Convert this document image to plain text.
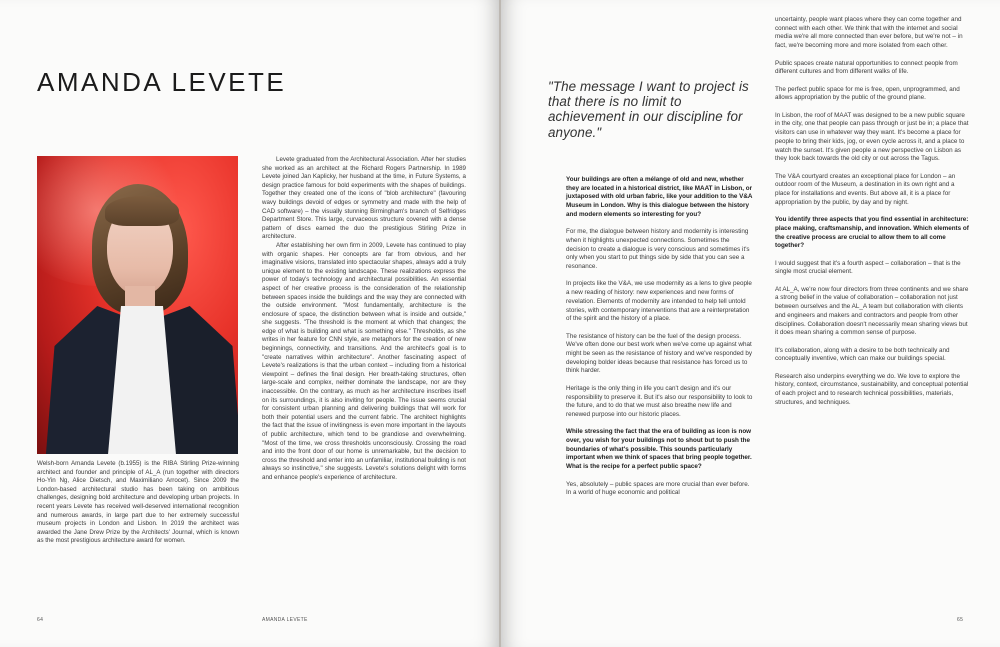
AMANDA LEVETE
Welsh-born Amanda Levete (b.1955) is the RIBA Stirling Prize-winning architect and founder and principle of AL_A (run together with directors Ho-Yin Ng, Alice Dietsch, and Maximiliano Arrocet). Since 2009 the London-based architectural studio has been taking on ambitious challenges, designing bold architecture and developing urban projects. In recent years Levete has received well-deserved international recognition and numerous awards, in large part due to her extremely successful museum projects in London and Lisbon. In 2019 the architect was awarded the Jane Drew Prize by the Architects' Journal, which is known as the most prestigious architecture award for women.

Levete graduated from the Architectural Association. After her studies she worked as an architect at the Richard Rogers Partnership. In 1989 Levete joined Jan Kaplicky, her husband at the time, in Future Systems, a design practice famous for bold experiments with the shapes of buildings. Together they created one of the icons of "blob architecture" (favouring wavy buildings devoid of edges or symmetry and made with the help of CAD software) – the visually stunning Birmingham's branch of Selfridges Department Store. This large, curvaceous structure covered with a dense pattern of discs earned the duo the prestigious Stirling Prize in architecture.

After establishing her own firm in 2009, Levete has continued to play with organic shapes. Her concepts are far from obvious, and her imaginative visions, translated into spectacular shapes, always add a truly unique element to the existing landscape. These realizations express the power of today's technology and architectural possibilities. An essential aspect of her creative process is the consideration of the relationship between spaces inside the buildings and the way they are connected with the outside environment. "Most fundamentally, architecture is the enclosure of space, the distinction between what is inside and outside," she suggests. "The threshold is the moment at which that changes; the edge of what is building and what is something else." Thresholds, as she writes in her feature for CNN style, are metaphors for the creation of new beginnings, connectivity, and transitions. And the architect's goal is to "create narratives within architecture". Another fascinating aspect of Levete's realizations is that the urban context – including from a historical viewpoint – defines the final design. Her breath-taking structures, often large-scale and complex, neither dominate the landscape, nor are they inaccessible. On the contrary, as much as her architecture inscribes itself on its surroundings, it is also inviting for people. The issue seems crucial for consistent urban planning and delivering buildings that will work for both their potential users and the current fabric. The architect highlights the fact that the issue of invitingness is even more important in the layouts of public architecture, which tend to be grandiose and overwhelming. "Most of the time, we cross thresholds unconsciously. Crossing the road and into the front door of our home is unremarkable, but the decision to cross the threshold and enter into an unfamiliar, institutional building is not always so instinctive," she suggests. Levete's solutions delight with forms and enhance people's experience of architecture.

64	AMANDA LEVETE
"The message I want to project is that there is no limit to achievement in our discipline for anyone."

Your buildings are often a mélange of old and new, whether they are located in a historical district, like MAAT in Lisbon, or juxtaposed with old urban fabric, like your addition to the V&A Museum in London. Why is this dialogue between the history and modern elements so interesting for you?

For me, the dialogue between history and modernity is interesting when it highlights unexpected connections. Sometimes the decision to create a dialogue is very conscious and sometimes it's only when you start to put things side by side that you can see a resonance.

In projects like the V&A, we use modernity as a lens to give people a new reading of history: new experiences and new forms of revelation. Elements of modernity are intended to help tell untold stories, with contemporary interventions that are a reinterpretation of the spirit and the history of a place.

The resistance of history can be the fuel of the design process. We've often done our best work when we've come up against what might be seen as the resistance of history and we've responded by developing bolder ideas because that resistance has forced us to think harder.

Heritage is the only thing in life you can't design and it's our responsibility to preserve it. But it's also our responsibility to look to the future, and to do that we must also breathe new life and renewed purpose into our historic places.

While stressing the fact that the era of building as icon is now over, you wish for your buildings not to shout but to push the boundaries of what's possible. This sounds particularly important when we think of spaces that bring people together. What is the recipe for a perfect public space?

Yes, absolutely – public spaces are more crucial than ever before. In a world of huge economic and political

uncertainty, people want places where they can come together and connect with each other. We think that with the internet and social media we're all more connected than ever before, but we're not – in fact, we're becoming more and more isolated from each other.

Public spaces create natural opportunities to connect people from different cultures and from different walks of life.

The perfect public space for me is free, open, unprogrammed, and allows appropriation by the public of the ground plane.

In Lisbon, the roof of MAAT was designed to be a new public square in the city, one that people can pass through or just be in; a place that visitors can use in whatever way they want. It's become a place for people to bring their kids, jog, or even cycle across it, and a place to watch the sunset. It's given people a new perspective on Lisbon as they look back towards the old city or out across the Tagus.

The V&A courtyard creates an exceptional place for London – an outdoor room of the Museum, a destination in its own right and a place for installations and events. But above all, it is a place for appropriation by the public, by day and by night.

You identify three aspects that you find essential in architecture: place making, craftsmanship, and innovation. Which elements of the creative process are crucial to allow them to all come together?

I would suggest that it's a fourth aspect – collaboration – that is the single most crucial element.

At AL_A, we're now four directors from three continents and we share a strong belief in the value of collaboration – collaboration not just between ourselves and the AL_A team but collaboration with clients and engineers and makers and contractors and people from other disciplines. Collaboration doesn't necessarily mean sharing views but it does mean sharing a common sense of purpose.

It's collaboration, along with a desire to be both technically and conceptually inventive, which can make our buildings special.

Research also underpins everything we do. We love to explore the history, context, circumstance, sustainability, and conceptual potential of each project and to research technical possibilities, materials, structures, and techniques.

65
